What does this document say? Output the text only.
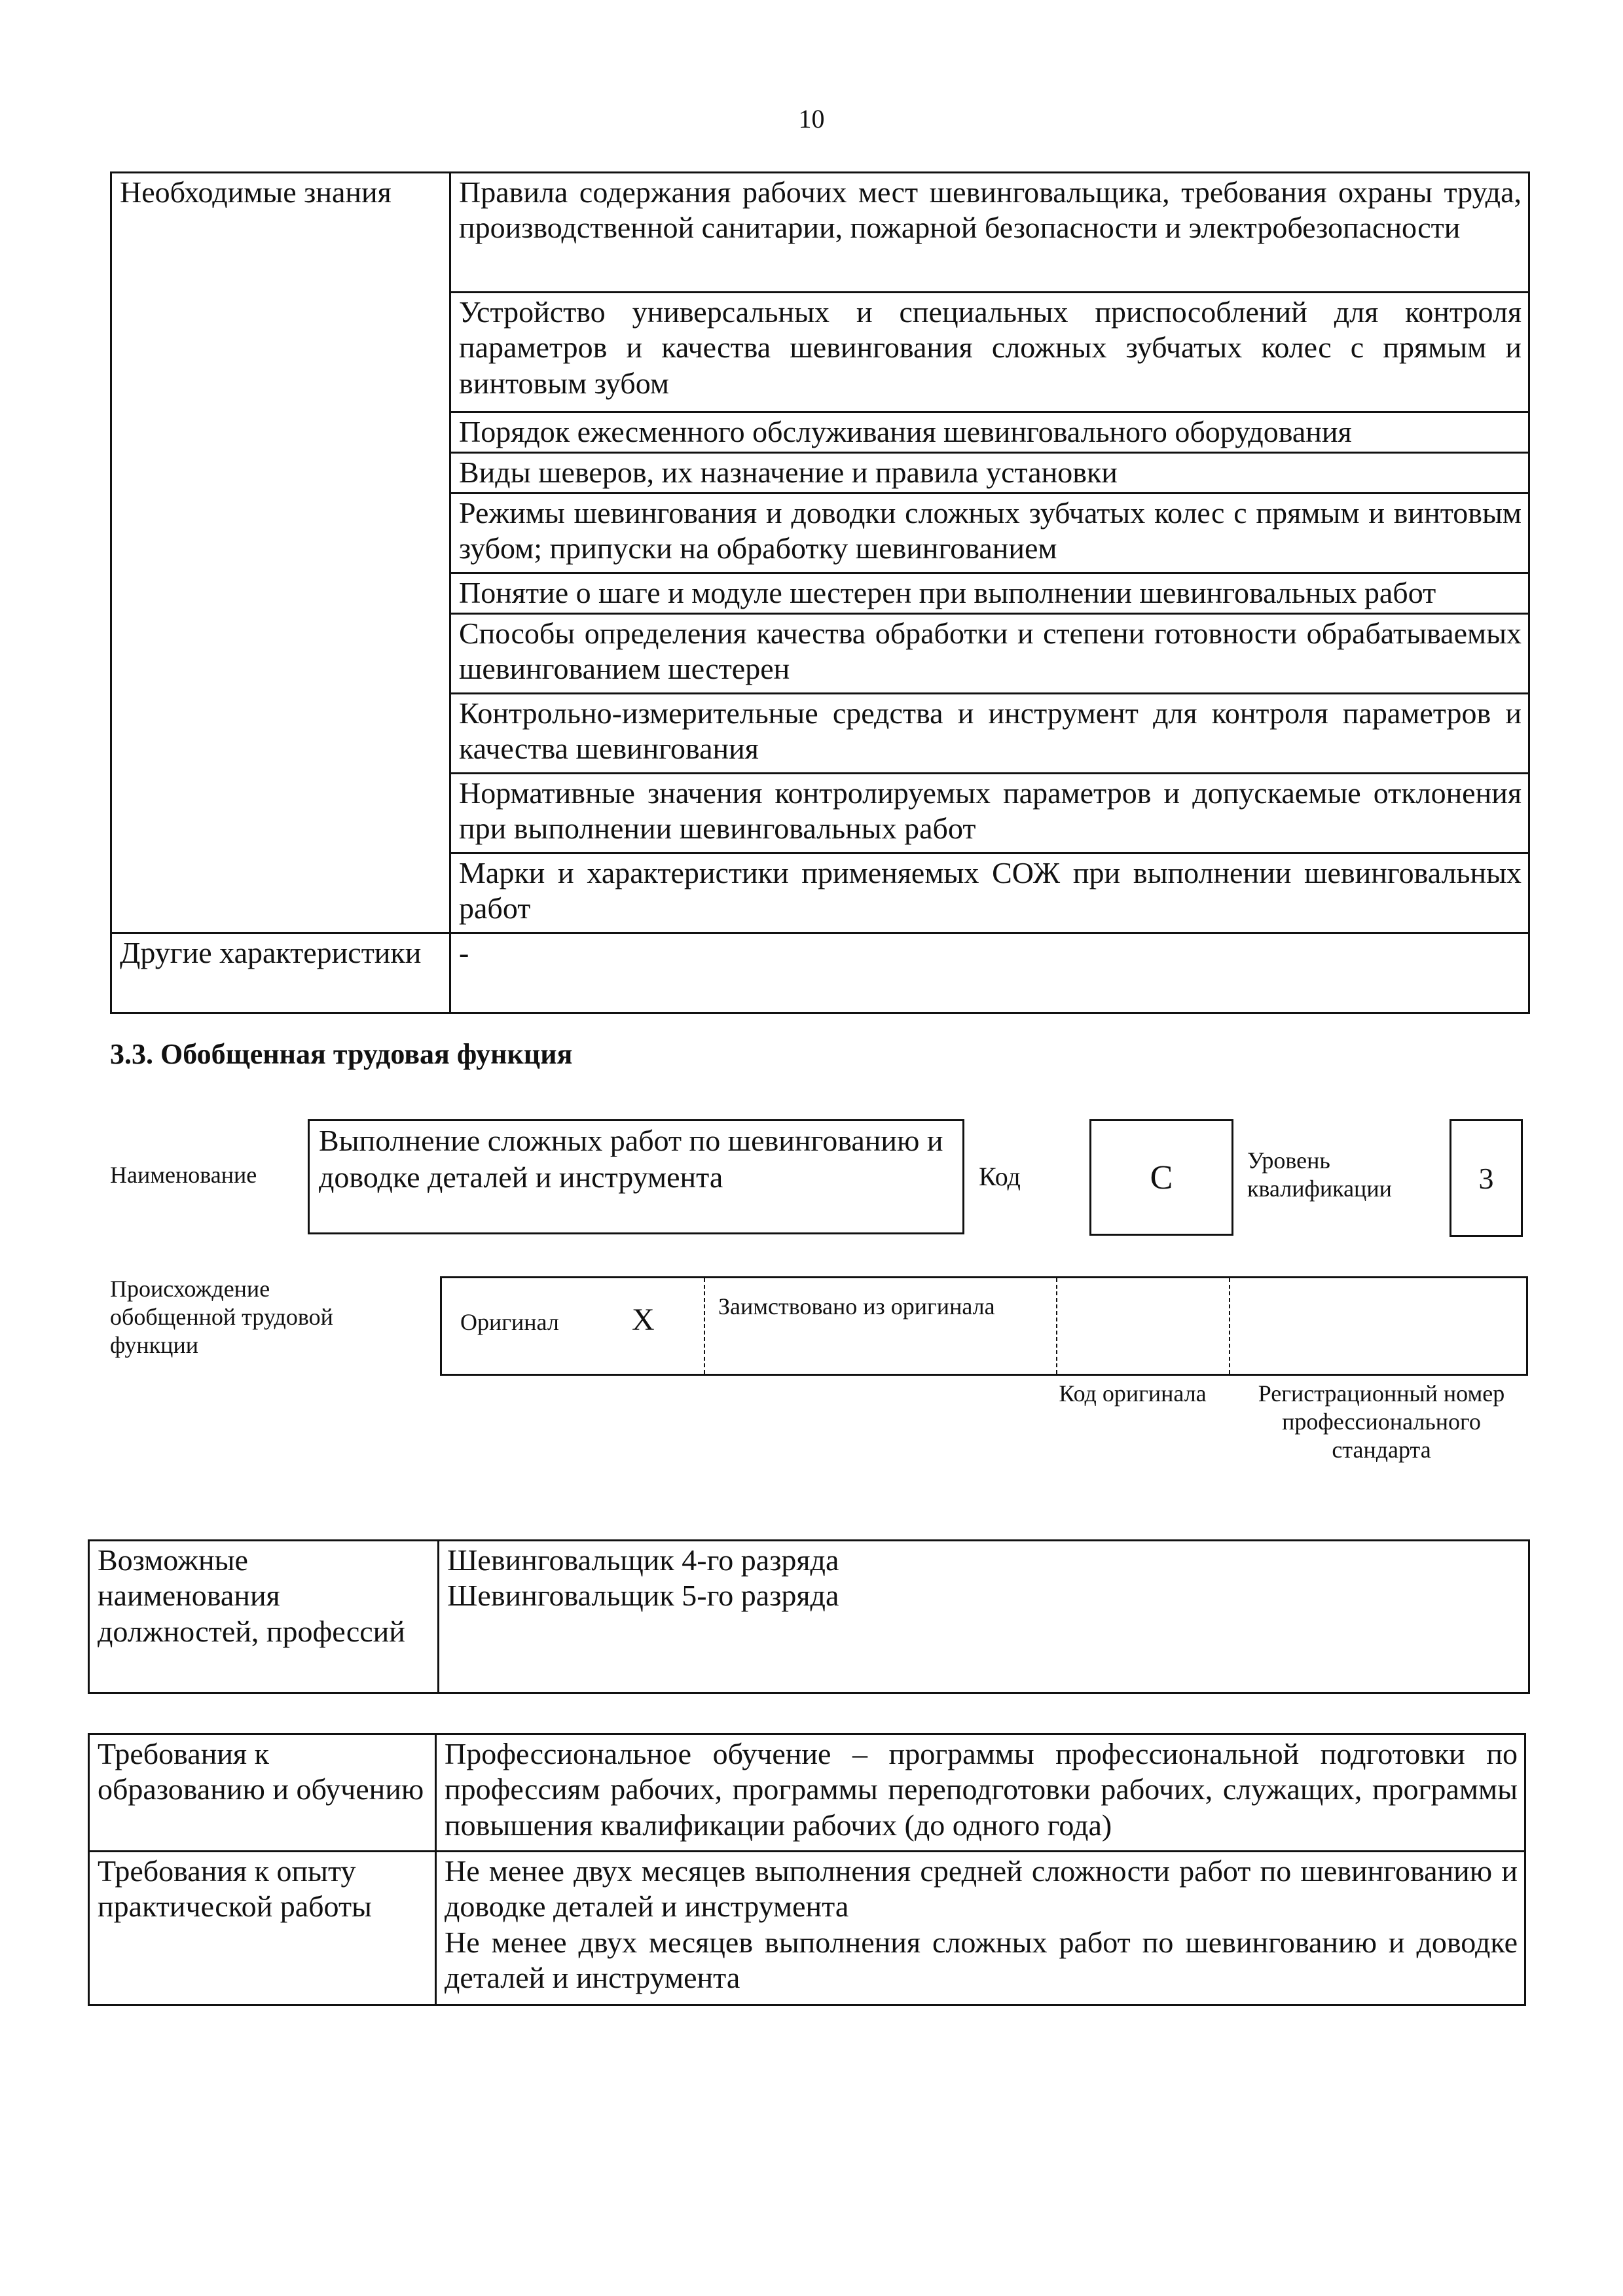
10
Необходимые знания	Правила содержания рабочих мест шевинговальщика, требования охраны труда, производственной санитарии, пожарной безопасности и электробезопасности
	Устройство универсальных и специальных приспособлений для контроля параметров и качества шевингования сложных зубчатых колес с прямым и винтовым зубом
	Порядок ежесменного обслуживания шевинговального оборудования
	Виды шеверов, их назначение и правила установки
	Режимы шевингования и доводки сложных зубчатых колес с прямым и винтовым зубом; припуски на обработку шевингованием
	Понятие о шаге и модуле шестерен при выполнении шевинговальных работ
	Способы определения качества обработки и степени готовности обрабатываемых шевингованием шестерен
	Контрольно-измерительные средства и инструмент для контроля параметров и качества шевингования
	Нормативные значения контролируемых параметров и допускаемые отклонения при выполнении шевинговальных работ
	Марки и характеристики применяемых СОЖ при выполнении шевинговальных работ
Другие характеристики	-
3.3. Обобщенная трудовая функция
Наименование
Выполнение сложных работ по шевингованию и доводке деталей и инструмента	Код	C	Уровень квалификации	3
Происхождение обобщенной трудовой функции
Оригинал X	Заимствовано из оригинала
Код оригинала	Регистрационный номер профессионального стандарта
Возможные наименования должностей, профессий	
Шевинговальщик 4-го разряда
Шевинговальщик 5-го разряда
Требования к образованию и обучению	Профессиональное обучение – программы профессиональной подготовки по профессиям рабочих, программы переподготовки рабочих, служащих, программы повышения квалификации рабочих (до одного года)
Требования к опыту практической работы	Не менее двух месяцев выполнения средней сложности работ по шевингованию и доводке деталей и инструмента
Не менее двух месяцев выполнения сложных работ по шевингованию и доводке деталей и инструмента
